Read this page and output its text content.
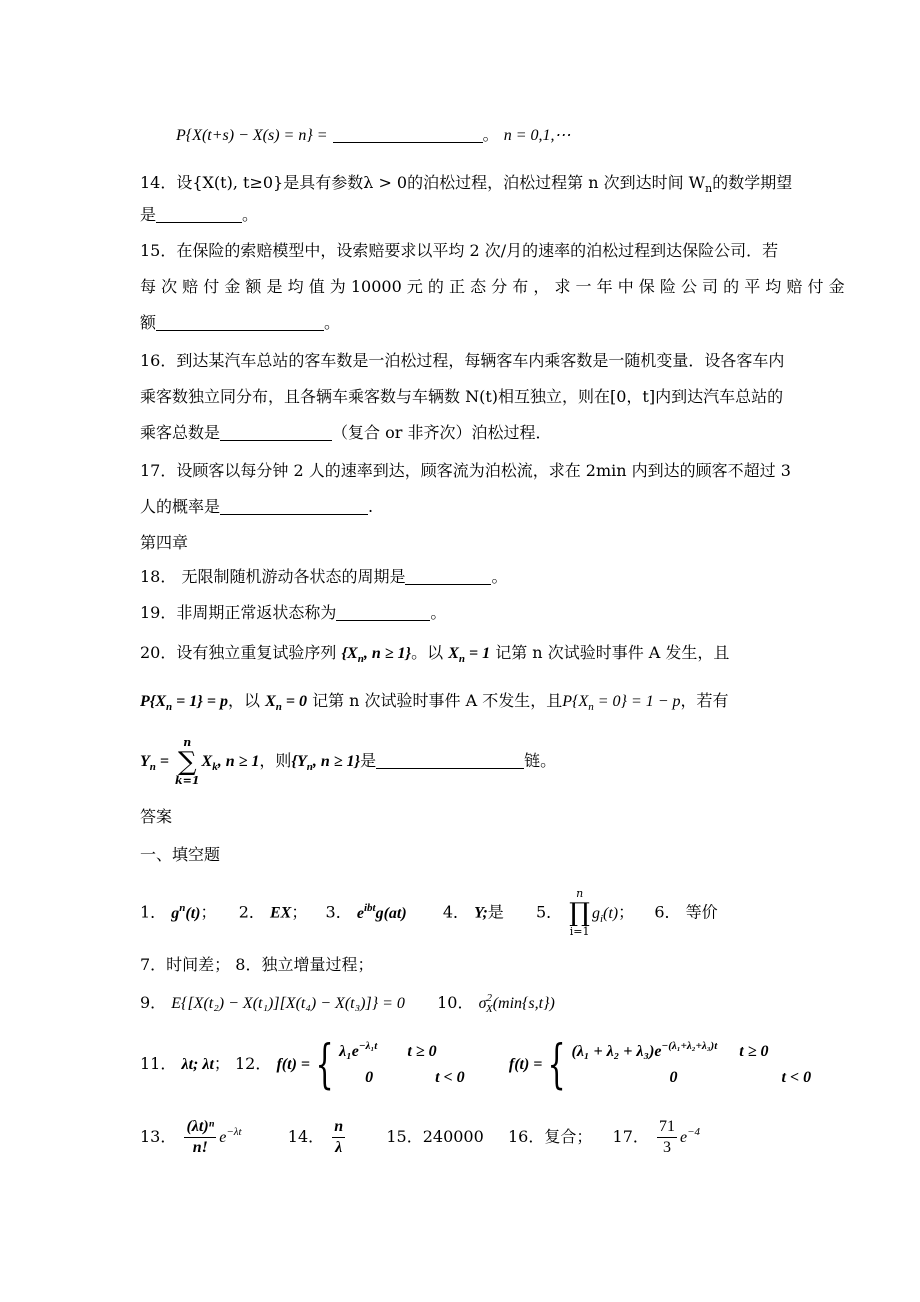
P{X(t+s) − X(s) = n} =	。 n = 0,1,⋯
14．设{X(t), t≥0}是具有参数λ > 0的泊松过程，泊松过程第 n 次到达时间 $W_n$的数学期望
是	。
15．在保险的索赔模型中，设索赔要求以平均 2 次/月的速率的泊松过程到达保险公司．若
每 次 赔 付 金 额 是 均 值 为 10000 元 的 正 态 分 布 ， 求 一 年 中 保 险 公 司 的 平 均 赔 付 金
额	。
16．到达某汽车总站的客车数是一泊松过程，每辆客车内乘客数是一随机变量．设各客车内
乘客数独立同分布，且各辆车乘客数与车辆数 N(t)相互独立，则在[0，t]内到达汽车总站的
乘客总数是	（复合 or 非齐次）泊松过程．
17．设顾客以每分钟 2 人的速率到达，顾客流为泊松流，求在 2min 内到达的顾客不超过 3
人的概率是	.
第四章
18． 无限制随机游动各状态的周期是	。
19．非周期正常返状态称为	。
20．设有独立重复试验序列 {$X_n$, n ≥ 1}。以 $X_n = 1$ 记第 n 次试验时事件 A 发生，且
$P\{X_n = 1\} = p$，以 $X_n = 0$ 记第 n 次试验时事件 A 不发生，且$P\{X_n = 0\} = 1 - p$，若有
$Y_n$ =
n
∑
k=1
$X_k$, n ≥ 1，则{$Y_n$, n ≥ 1}是	链。
答案
一、填空题
1． $g^n(t)$； 2． EX； 3． $e^{ibt}g(at)$ 4． Y;是 5．
n
∏
i=1
$g_i(t)$； 6． 等价
7．时间差； 8．独立增量过程；
9． E{[X(t₂) − X(t₁)][X(t₄) − X(t₃)]} = 0 10． $\sigma^2_X(\min\{s,t\})$
11． λt; λt； 12． f(t) = { $\lambda_1e^{-\lambda_1t}$ t ≥ 0
0	t < 0
f(t) = { $(\lambda_1 + \lambda_2 + \lambda_3)e^{-(\lambda_1+\lambda_2+\lambda_3)t}$ t ≥ 0
0	t < 0
13． $\frac{\text{(λt)ⁿ}}{n!} e^{-\lambda t}$	14． $\frac{n}{\lambda}$	15．240000 16．复合； 17． $\frac{71}{3} e^{-4}$
